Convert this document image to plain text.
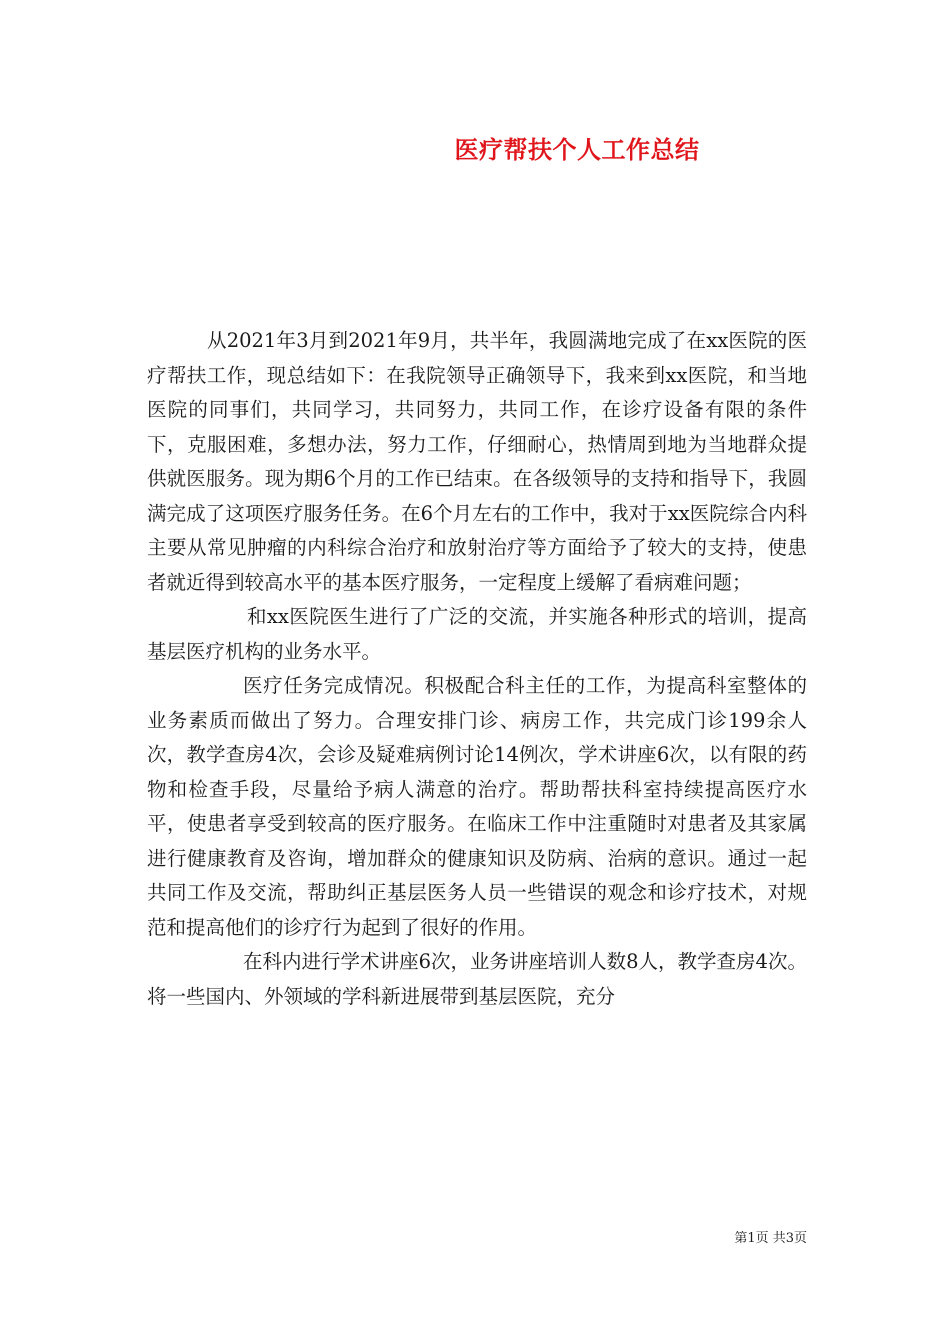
医疗帮扶个人工作总结

从2021年3月到2021年9月，共半年，我圆满地完成了在xx医院的医疗帮扶工作，现总结如下：在我院领导正确领导下，我来到xx医院，和当地医院的同事们，共同学习，共同努力，共同工作，在诊疗设备有限的条件下，克服困难，多想办法，努力工作，仔细耐心，热情周到地为当地群众提供就医服务。现为期6个月的工作已结束。在各级领导的支持和指导下，我圆满完成了这项医疗服务任务。在6个月左右的工作中，我对于xx医院综合内科主要从常见肿瘤的内科综合治疗和放射治疗等方面给予了较大的支持，使患者就近得到较高水平的基本医疗服务，一定程度上缓解了看病难问题；

和xx医院医生进行了广泛的交流，并实施各种形式的培训，提高基层医疗机构的业务水平。

医疗任务完成情况。积极配合科主任的工作，为提高科室整体的业务素质而做出了努力。合理安排门诊、病房工作，共完成门诊199余人次，教学查房4次，会诊及疑难病例讨论14例次，学术讲座6次，以有限的药物和检查手段，尽量给予病人满意的治疗。帮助帮扶科室持续提高医疗水平，使患者享受到较高的医疗服务。在临床工作中注重随时对患者及其家属进行健康教育及咨询，增加群众的健康知识及防病、治病的意识。通过一起共同工作及交流，帮助纠正基层医务人员一些错误的观念和诊疗技术，对规范和提高他们的诊疗行为起到了很好的作用。

在科内进行学术讲座6次，业务讲座培训人数8人，教学查房4次。将一些国内、外领域的学科新进展带到基层医院，充分

第1页 共3页
